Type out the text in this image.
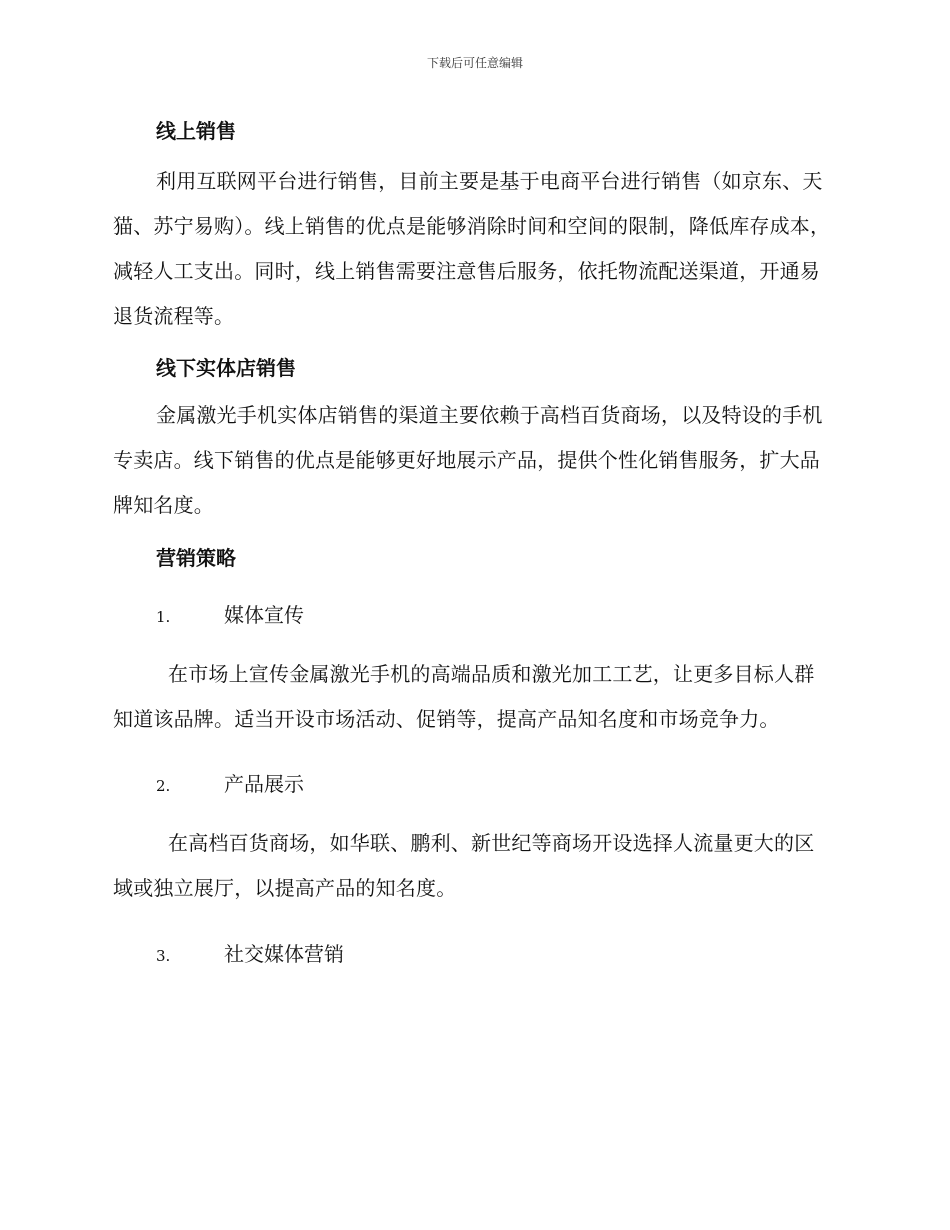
下载后可任意编辑
线上销售

利用互联网平台进行销售，目前主要是基于电商平台进行销售（如京东、天猫、苏宁易购）。线上销售的优点是能够消除时间和空间的限制，降低库存成本，减轻人工支出。同时，线上销售需要注意售后服务，依托物流配送渠道，开通易退货流程等。

线下实体店销售

金属激光手机实体店销售的渠道主要依赖于高档百货商场，以及特设的手机专卖店。线下销售的优点是能够更好地展示产品，提供个性化销售服务，扩大品牌知名度。

营销策略
1.	媒体宣传

在市场上宣传金属激光手机的高端品质和激光加工工艺，让更多目标人群知道该品牌。适当开设市场活动、促销等，提高产品知名度和市场竞争力。

2.	产品展示

在高档百货商场，如华联、鹏利、新世纪等商场开设选择人流量更大的区域或独立展厅，以提高产品的知名度。

3.	社交媒体营销
